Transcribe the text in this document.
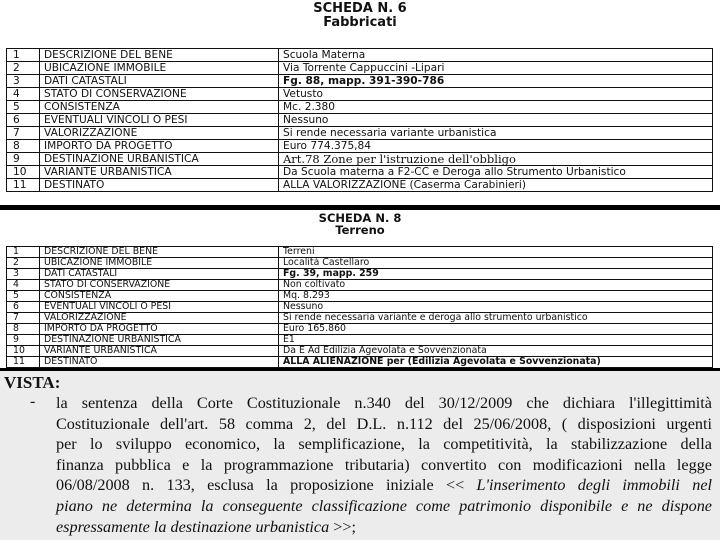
SCHEDA N. 6
Fabbricati
1	DESCRIZIONE DEL BENE	Scuola Materna
2	UBICAZIONE IMMOBILE	Via Torrente Cappuccini -Lipari
3	DATI CATASTALI	Fg. 88, mapp. 391-390-786
4	STATO DI CONSERVAZIONE	Vetusto
5	CONSISTENZA	Mc. 2.380
6	EVENTUALI VINCOLI O PESI	Nessuno
7	VALORIZZAZIONE	Si rende necessaria variante urbanistica
8	IMPORTO DA PROGETTO	Euro 774.375,84
9	DESTINAZIONE URBANISTICA	Art.78 Zone per l'istruzione dell'obbligo
10	VARIANTE URBANISTICA	Da Scuola materna a F2-CC e Deroga allo Strumento Urbanistico
11	DESTINATO	ALLA VALORIZZAZIONE (Caserma Carabinieri)
SCHEDA N. 8
Terreno
1	DESCRIZIONE DEL BENE	Terreni
2	UBICAZIONE IMMOBILE	Località Castellaro
3	DATI CATASTALI	Fg. 39, mapp. 259
4	STATO DI CONSERVAZIONE	Non coltivato
5	CONSISTENZA	Mq. 8.293
6	EVENTUALI VINCOLI O PESI	Nessuno
7	VALORIZZAZIONE	Si rende necessaria variante e deroga allo strumento urbanistico
8	IMPORTO DA PROGETTO	Euro 165.860
9	DESTINAZIONE URBANISTICA	E1
10	VARIANTE URBANISTICA	Da E Ad Edilizia Agevolata e Sovvenzionata
11	DESTINATO	ALLA ALIENAZIONE per (Edilizia Agevolata e Sovvenzionata)
VISTA:
- la sentenza della Corte Costituzionale n.340 del 30/12/2009 che dichiara l'illegittimità
Costituzionale dell'art. 58 comma 2, del D.L. n.112 del 25/06/2008, ( disposizioni urgenti
per lo sviluppo economico, la semplificazione, la competitività, la stabilizzazione della
finanza pubblica e la programmazione tributaria) convertito con modificazioni nella legge
06/08/2008 n. 133, esclusa la proposizione iniziale << L'inserimento degli immobili nel
piano ne determina la conseguente classificazione come patrimonio disponibile e ne dispone
espressamente la destinazione urbanistica >>;
